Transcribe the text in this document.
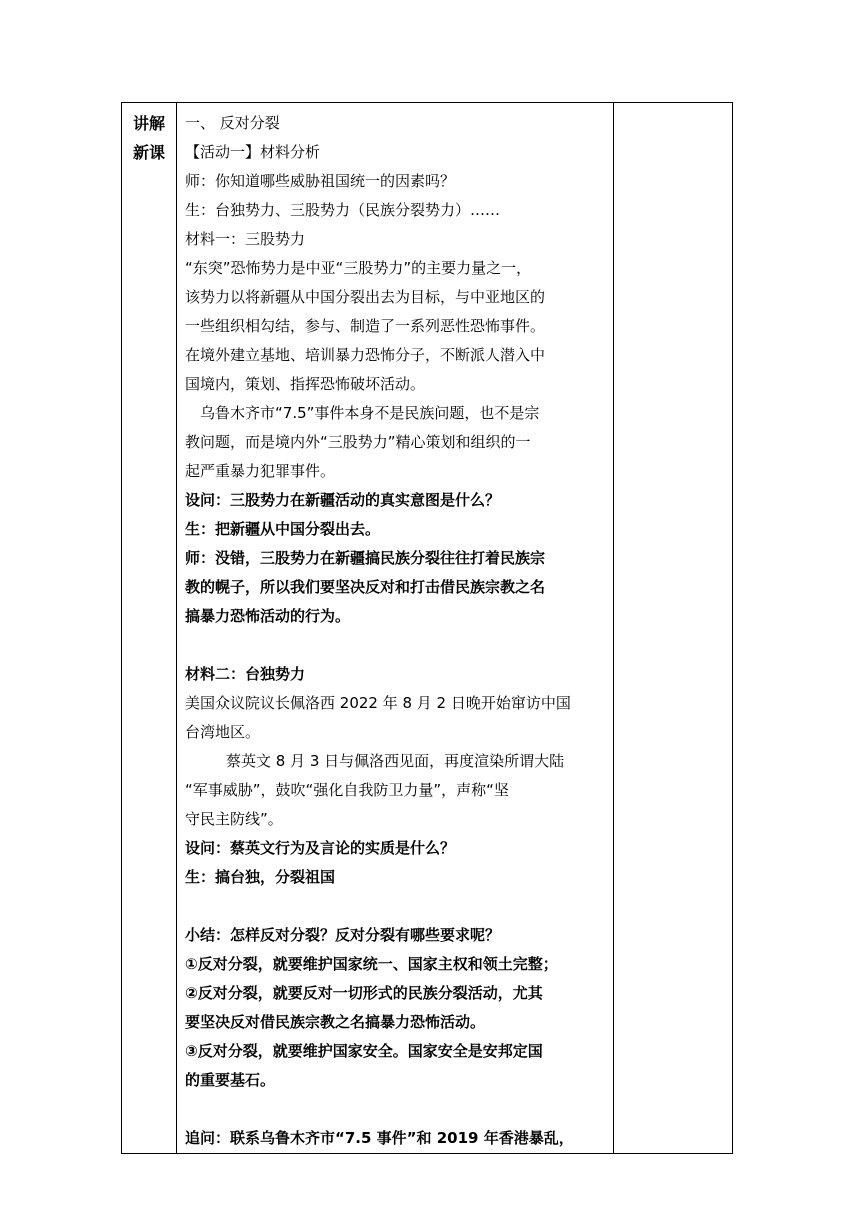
讲解
新课

一、 反对分裂
【活动一】材料分析
师：你知道哪些威胁祖国统一的因素吗？
生：台独势力、三股势力（民族分裂势力）……
材料一：三股势力
“东突”恐怖势力是中亚“三股势力”的主要力量之一，
该势力以将新疆从中国分裂出去为目标，与中亚地区的
一些组织相勾结，参与、制造了一系列恶性恐怖事件。
在境外建立基地、培训暴力恐怖分子，不断派人潜入中
国境内，策划、指挥恐怖破坏活动。
乌鲁木齐市“7.5”事件本身不是民族问题，也不是宗
教问题，而是境内外“三股势力”精心策划和组织的一
起严重暴力犯罪事件。
设问：三股势力在新疆活动的真实意图是什么？
生：把新疆从中国分裂出去。
师：没错，三股势力在新疆搞民族分裂往往打着民族宗
教的幌子，所以我们要坚决反对和打击借民族宗教之名
搞暴力恐怖活动的行为。
材料二：台独势力
美国众议院议长佩洛西 2022 年 8 月 2 日晚开始窜访中国
台湾地区。
蔡英文 8 月 3 日与佩洛西见面，再度渲染所谓大陆
“军事威胁”，鼓吹“强化自我防卫力量”，声称“坚
守民主防线”。
设问：蔡英文行为及言论的实质是什么？
生：搞台独，分裂祖国
小结：怎样反对分裂？反对分裂有哪些要求呢？
①反对分裂，就要维护国家统一、国家主权和领土完整；
②反对分裂，就要反对一切形式的民族分裂活动，尤其
要坚决反对借民族宗教之名搞暴力恐怖活动。
③反对分裂，就要维护国家安全。国家安全是安邦定国
的重要基石。
追问：联系乌鲁木齐市“7.5 事件”和 2019 年香港暴乱，
